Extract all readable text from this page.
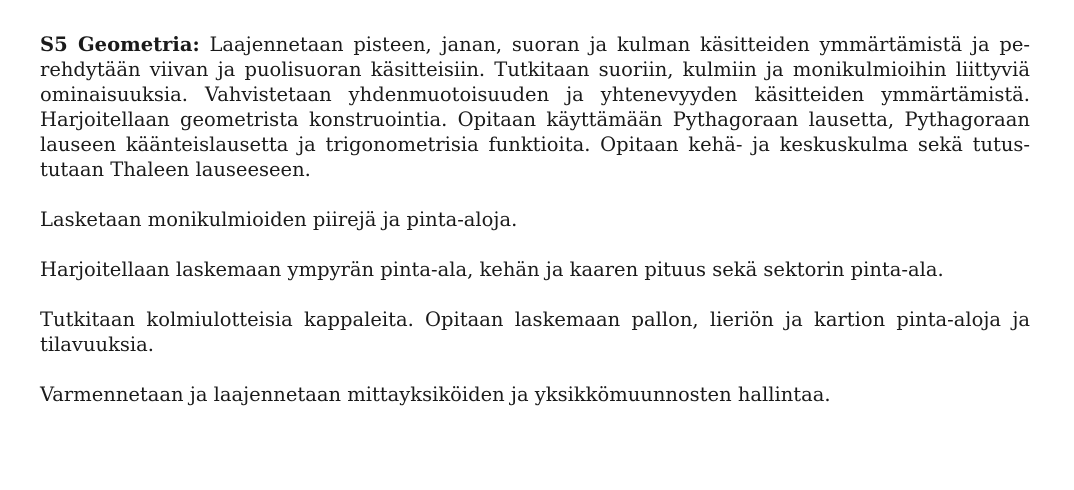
S5 Geometria: Laajennetaan pisteen, janan, suoran ja kulman käsitteiden ymmärtämistä ja pe-
rehdytään viivan ja puolisuoran käsitteisiin. Tutkitaan suoriin, kulmiin ja monikulmioihin liittyviä
ominaisuuksia. Vahvistetaan yhdenmuotoisuuden ja yhtenevyyden käsitteiden ymmärtämistä.
Harjoitellaan geometrista konstruointia. Opitaan käyttämään Pythagoraan lausetta, Pythagoraan
lauseen käänteislausetta ja trigonometrisia funktioita. Opitaan kehä- ja keskuskulma sekä tutus-
tutaan Thaleen lauseeseen.

Lasketaan monikulmioiden piirejä ja pinta-aloja.

Harjoitellaan laskemaan ympyrän pinta-ala, kehän ja kaaren pituus sekä sektorin pinta-ala.

Tutkitaan kolmiulotteisia kappaleita. Opitaan laskemaan pallon, lieriön ja kartion pinta-aloja ja
tilavuuksia.

Varmennetaan ja laajennetaan mittayksiköiden ja yksikkömuunnosten hallintaa.
